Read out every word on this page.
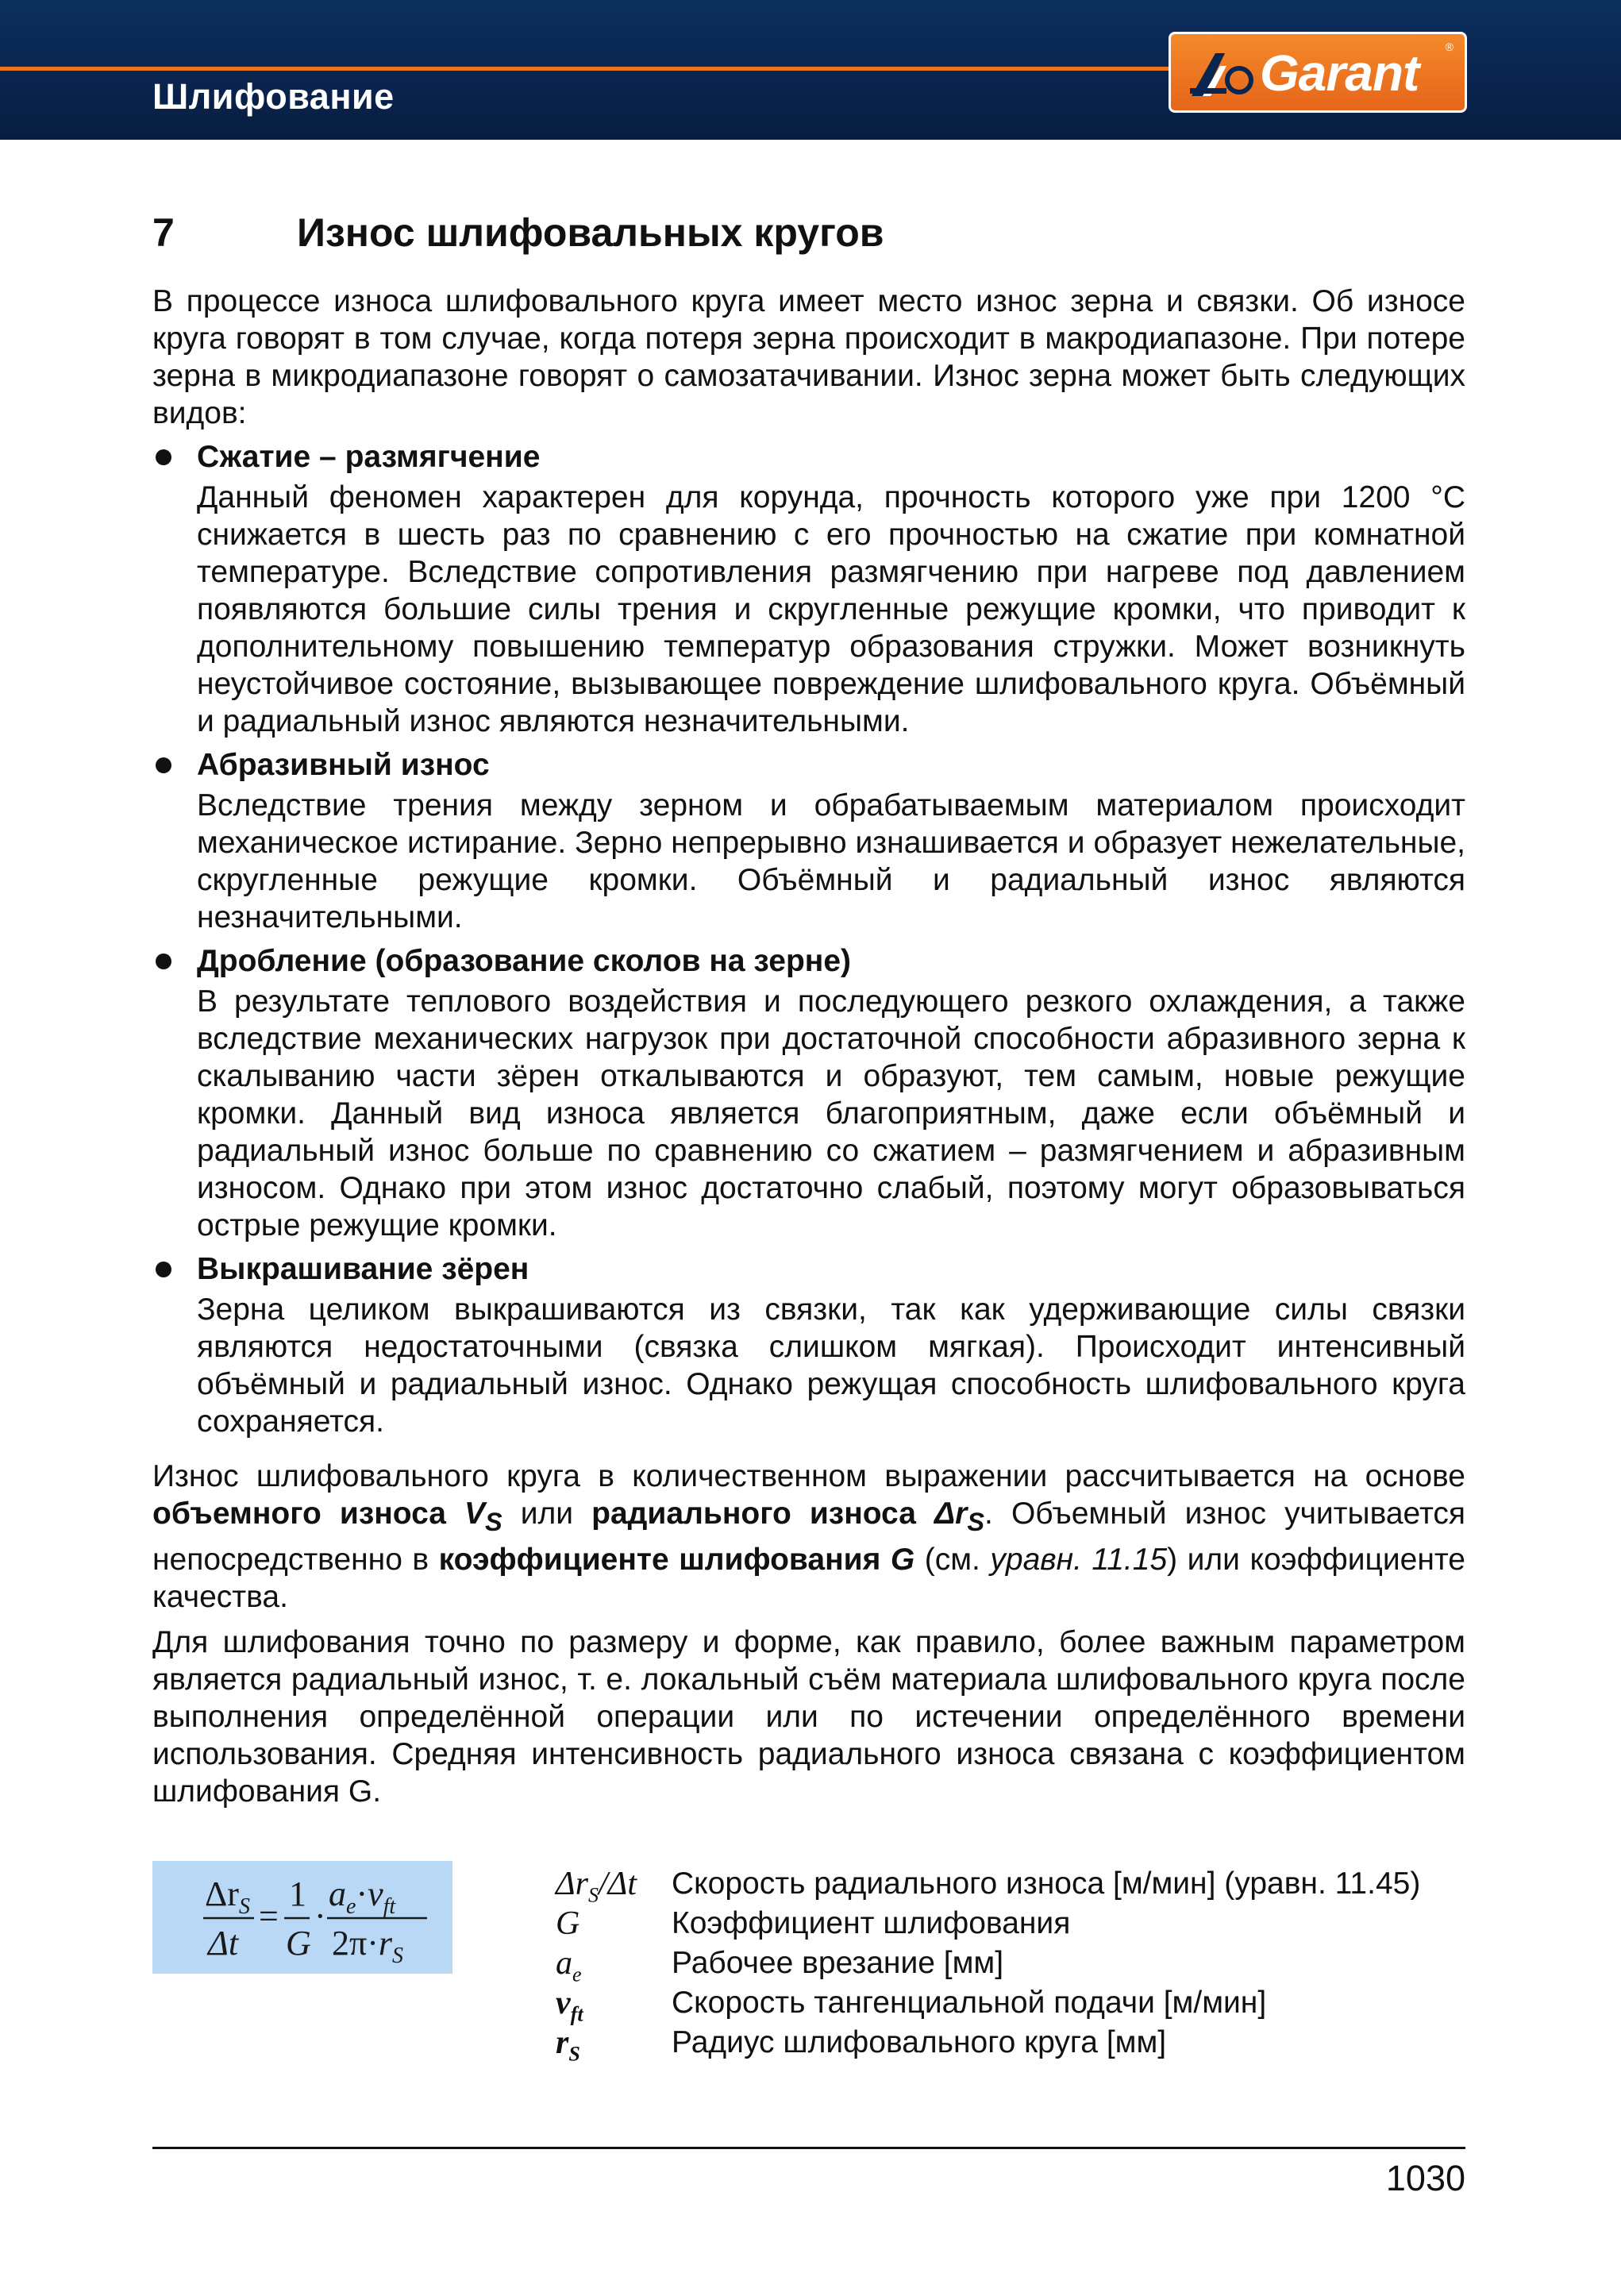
Шлифование	Garant ®
7	Износ шлифовальных кругов

В процессе износа шлифовального круга имеет место износ зерна и связки. Об износе круга говорят в том случае, когда потеря зерна происходит в макродиапазоне. При потере зерна в микродиапазоне говорят о самозатачивании. Износ зерна может быть следующих видов:

Сжатие – размягчение

Данный феномен характерен для корунда, прочность которого уже при 1200 °C снижается в шесть раз по сравнению с его прочностью на сжатие при комнатной температуре. Вследствие сопротивления размягчению при нагреве под давлением появляются большие силы трения и скругленные режущие кромки, что приводит к дополнительному повышению температур образования стружки. Может возникнуть неустойчивое состояние, вызывающее повреждение шлифовального круга. Объёмный и радиальный износ являются незначительными.

Абразивный износ

Вследствие трения между зерном и обрабатываемым материалом происходит механическое истирание. Зерно непрерывно изнашивается и образует нежелательные, скругленные режущие кромки. Объёмный и радиальный износ являются незначительными.

Дробление (образование сколов на зерне)

В результате теплового воздействия и последующего резкого охлаждения, а также вследствие механических нагрузок при достаточной способности абразивного зерна к скалыванию части зёрен откалываются и образуют, тем самым, новые режущие кромки. Данный вид износа является благоприятным, даже если объёмный и радиальный износ больше по сравнению со сжатием – размягчением и абразивным износом. Однако при этом износ достаточно слабый, поэтому могут образовываться острые режущие кромки.

Выкрашивание зёрен

Зерна целиком выкрашиваются из связки, так как удерживающие силы связки являются недостаточными (связка слишком мягкая). Происходит интенсивный объёмный и радиальный износ. Однако режущая способность шлифовального круга сохраняется.

Износ шлифовального круга в количественном выражении рассчитывается на основе объемного износа $V_S$ или радиального износа $\Delta r_S$. Объемный износ учитывается непосредственно в коэффициенте шлифования G (см. уравн. 11.15) или коэффициенте качества.

Для шлифования точно по размеру и форме, как правило, более важным параметром является радиальный износ, т. е. локальный съём материала шлифовального круга после выполнения определённой операции или по истечении определённого времени использования. Средняя интенсивность радиального износа связана с коэффициентом шлифования G.

$\Delta r_S$
Δt
=
1
G
·
$a_e\cdot v_{ft}$
$2\pi\cdot r_S$
$\Delta r_S/\Delta t$	Скорость радиального износа [м/мин] (уравн. 11.45)
G	Коэффициент шлифования
$a_e$	Рабочее врезание [мм]
$v_{ft}$	Скорость тангенциальной подачи [м/мин]
$r_S$	Радиус шлифовального круга [мм]
1030
